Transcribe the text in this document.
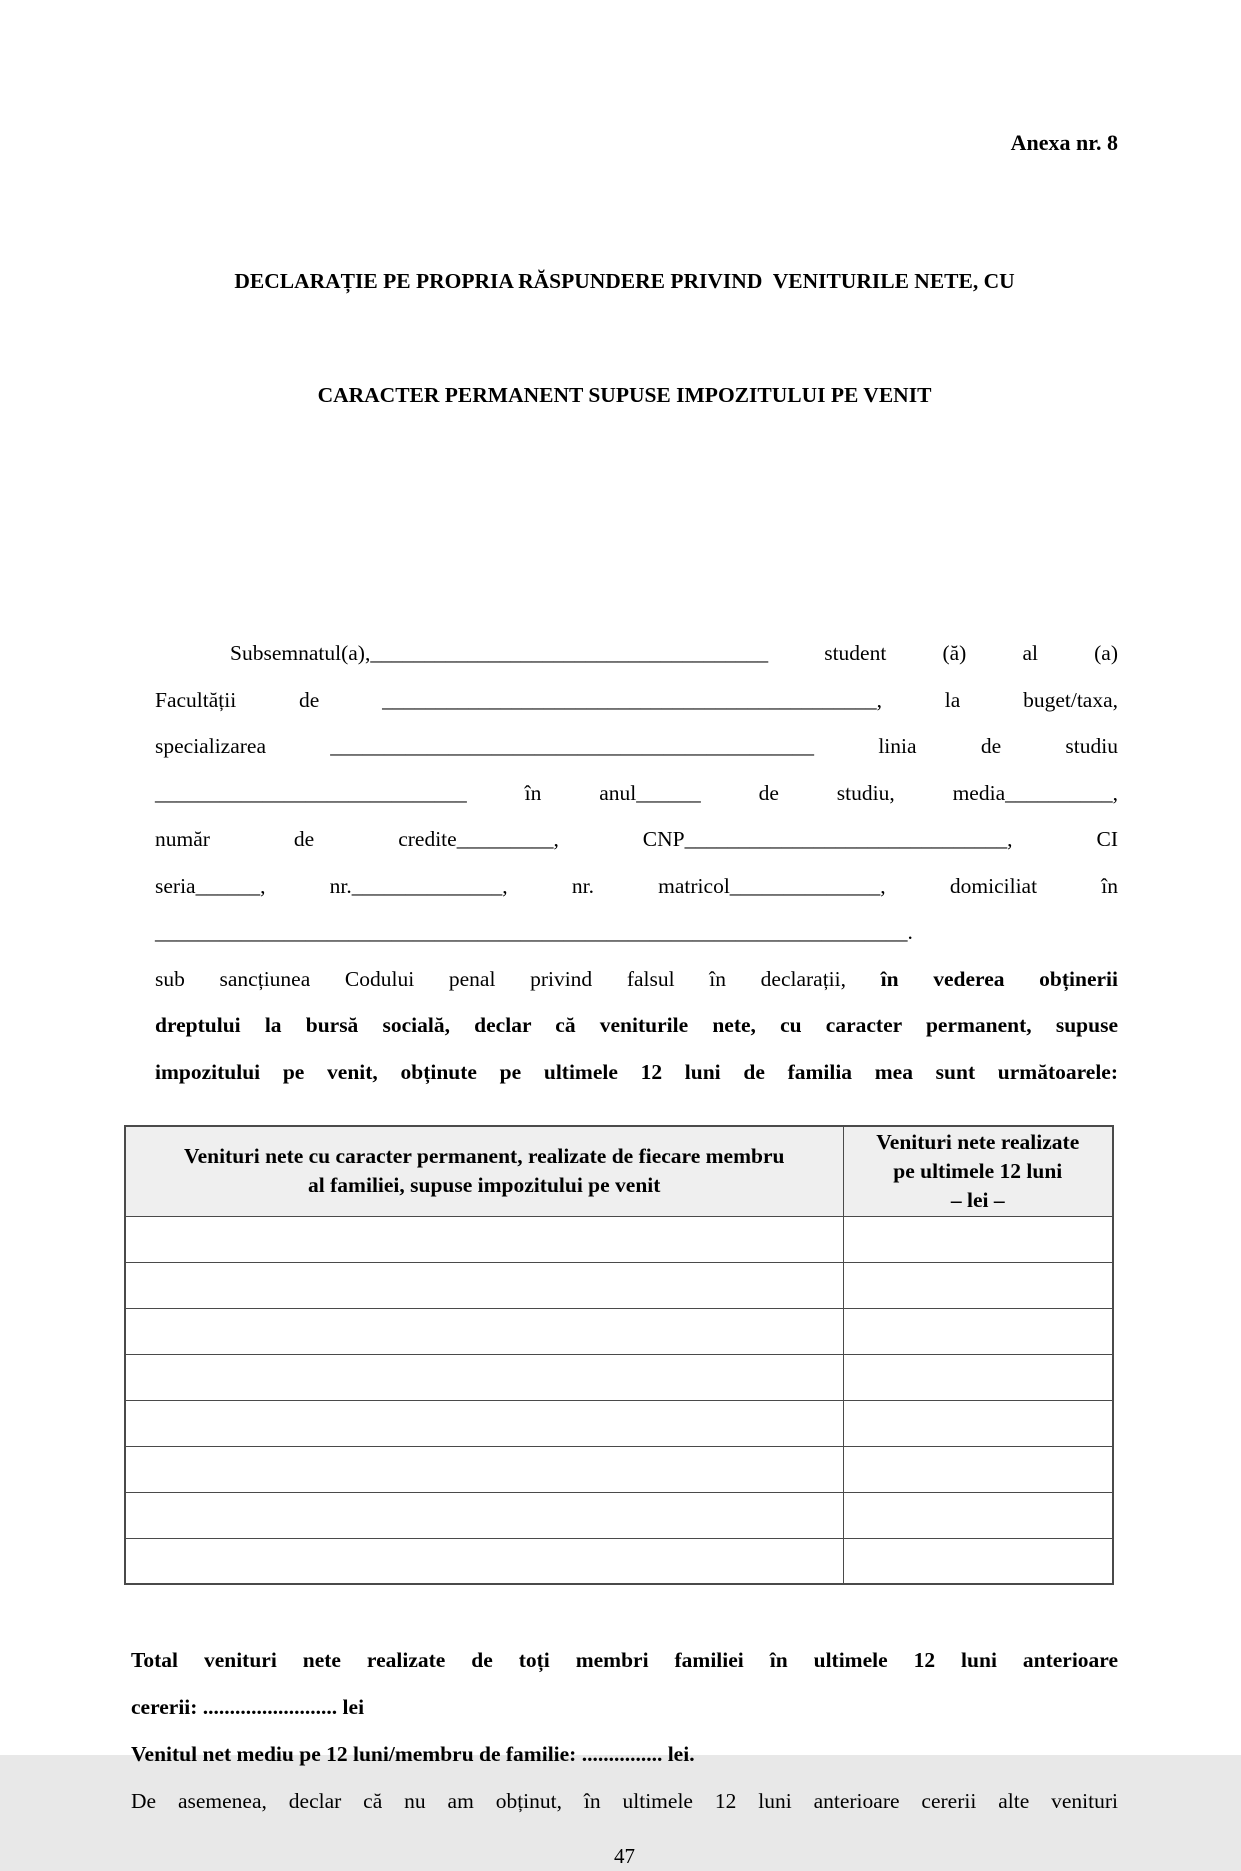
Anexa nr. 8

DECLARAȚIE PE PROPRIA RĂSPUNDERE PRIVIND  VENITURILE NETE, CU

CARACTER PERMANENT SUPUSE IMPOZITULUI PE VENIT

Subsemnatul(a),_____________________________________ student (ă) al (a)
Facultății de ______________________________________________, la buget/taxa,
specializarea _____________________________________________ linia de studiu
_____________________________ în anul______ de studiu, media__________,
număr de credite_________, CNP______________________________, CI
seria______, nr.______________, nr. matricol______________, domiciliat în
______________________________________________________________________.
sub sancțiunea Codului penal privind falsul în declarații, în vederea obținerii
dreptului la bursă socială, declar că veniturile nete, cu caracter permanent, supuse
impozitului pe venit, obținute pe ultimele 12 luni de familia mea sunt următoarele:
Venituri nete cu caracter permanent, realizate de fiecare membru
al familiei, supuse impozitului pe venit

Venituri nete realizate
pe ultimele 12 luni
– lei –

Total venituri nete realizate de toți membri familiei în ultimele 12 luni anterioare
cererii: ......................... lei
Venitul net mediu pe 12 luni/membru de familie: ............... lei.
De asemenea, declar că nu am obținut, în ultimele 12 luni anterioare cererii alte venituri
47
